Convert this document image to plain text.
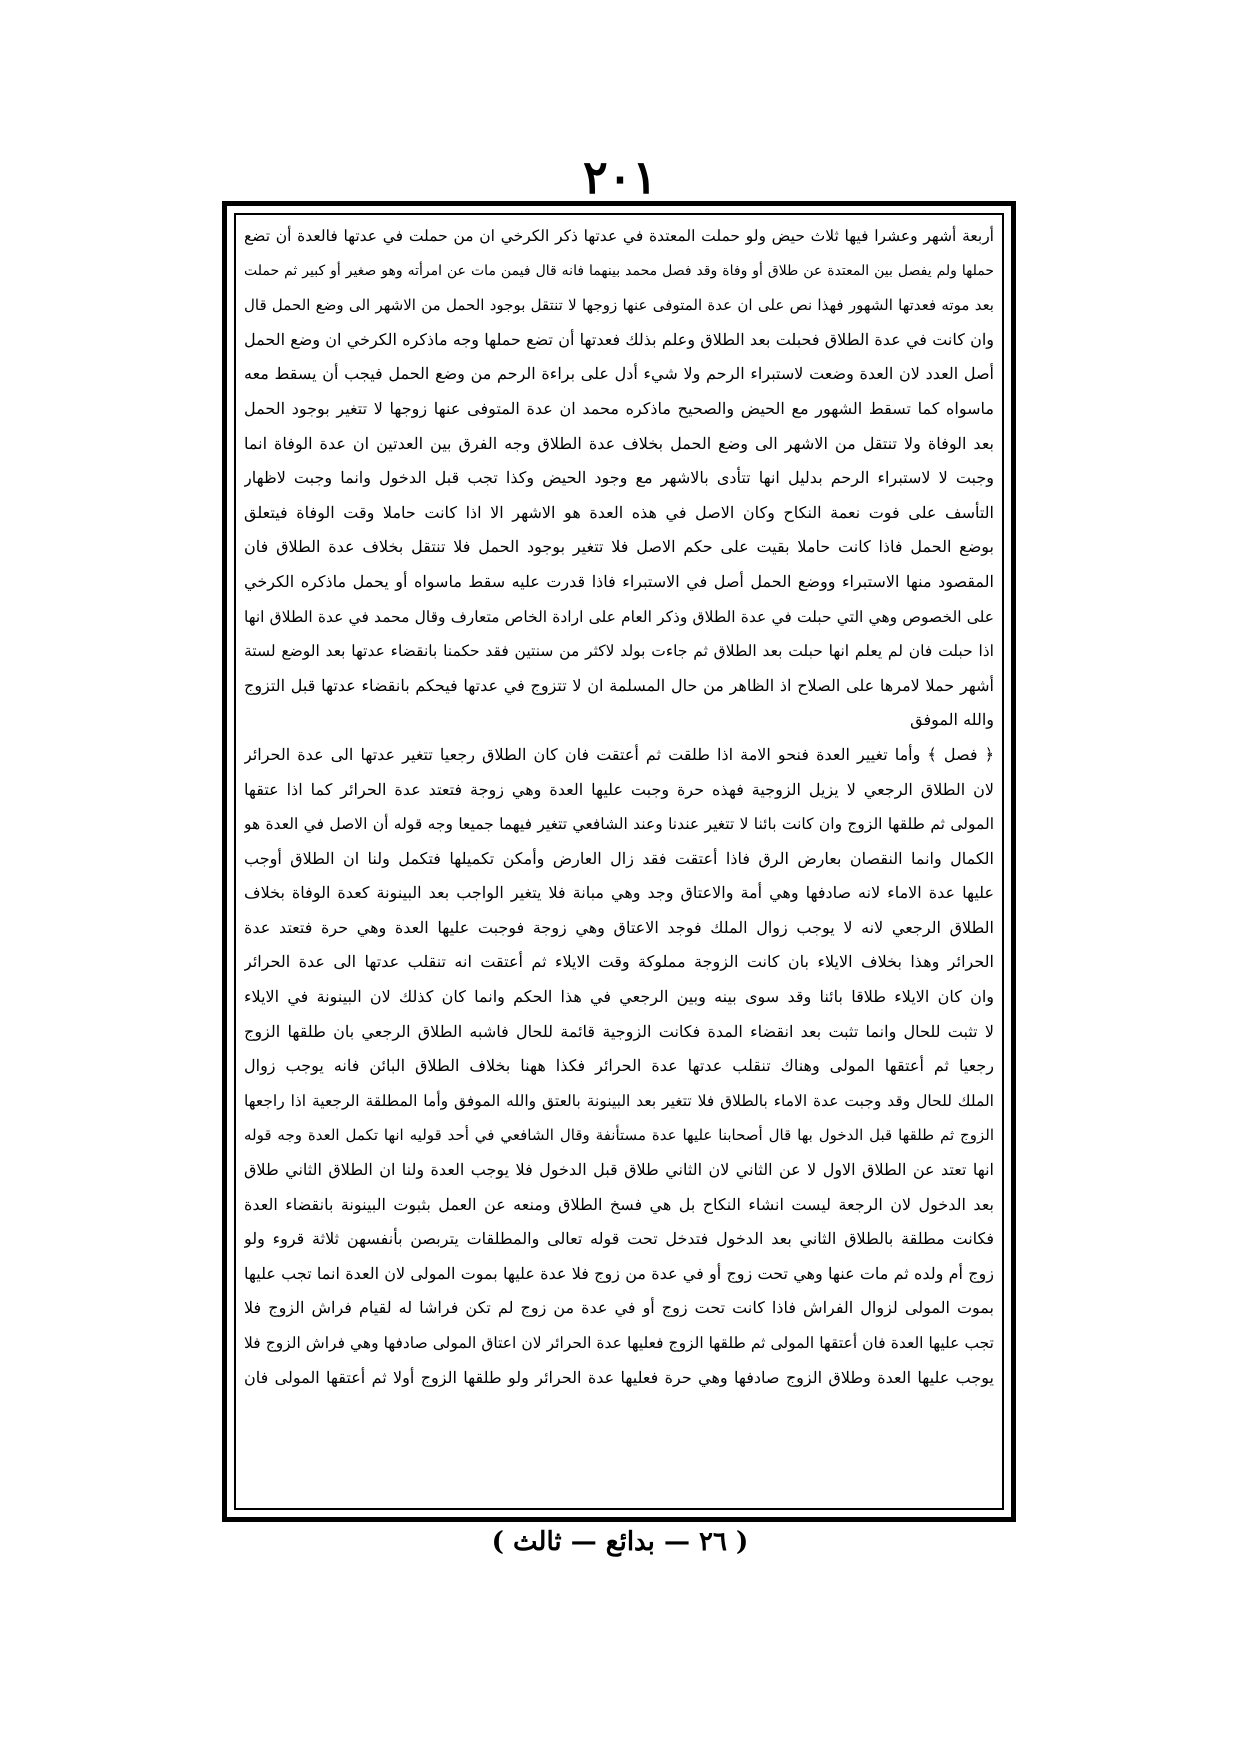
٢٠١
أربعة أشهر وعشرا فيها ثلاث حيض ولو حملت المعتدة في عدتها ذكر الكرخي ان من حملت في عدتها فالعدة أن تضع
حملها ولم يفصل بين المعتدة عن طلاق أو وفاة وقد فصل محمد بينهما فانه قال فيمن مات عن امرأته وهو صغير أو كبير ثم حملت
بعد موته فعدتها الشهور فهذا نص على ان عدة المتوفى عنها زوجها لا تنتقل بوجود الحمل من الاشهر الى وضع الحمل قال
وان كانت في عدة الطلاق فحبلت بعد الطلاق وعلم بذلك فعدتها أن تضع حملها وجه ماذكره الكرخي ان وضع الحمل
أصل العدد لان العدة وضعت لاستبراء الرحم ولا شيء أدل على براءة الرحم من وضع الحمل فيجب أن يسقط معه
ماسواه كما تسقط الشهور مع الحيض والصحيح ماذكره محمد ان عدة المتوفى عنها زوجها لا تتغير بوجود الحمل
بعد الوفاة ولا تنتقل من الاشهر الى وضع الحمل بخلاف عدة الطلاق وجه الفرق بين العدتين ان عدة الوفاة انما
وجبت لا لاستبراء الرحم بدليل انها تتأدى بالاشهر مع وجود الحيض وكذا تجب قبل الدخول وانما وجبت لاظهار
التأسف على فوت نعمة النكاح وكان الاصل في هذه العدة هو الاشهر الا اذا كانت حاملا وقت الوفاة فيتعلق
بوضع الحمل فاذا كانت حاملا بقيت على حكم الاصل فلا تتغير بوجود الحمل فلا تنتقل بخلاف عدة الطلاق فان
المقصود منها الاستبراء ووضع الحمل أصل في الاستبراء فاذا قدرت عليه سقط ماسواه أو يحمل ماذكره الكرخي
على الخصوص وهي التي حبلت في عدة الطلاق وذكر العام على ارادة الخاص متعارف وقال محمد في عدة الطلاق انها
اذا حبلت فان لم يعلم انها حبلت بعد الطلاق ثم جاءت بولد لاكثر من سنتين فقد حكمنا بانقضاء عدتها بعد الوضع لستة
أشهر حملا لامرها على الصلاح اذ الظاهر من حال المسلمة ان لا تتزوج في عدتها فيحكم بانقضاء عدتها قبل التزوج
والله الموفق
﴿ فصل ﴾ وأما تغيير العدة فنحو الامة اذا طلقت ثم أعتقت فان كان الطلاق رجعيا تتغير عدتها الى عدة الحرائر
لان الطلاق الرجعي لا يزيل الزوجية فهذه حرة وجبت عليها العدة وهي زوجة فتعتد عدة الحرائر كما اذا عتقها
المولى ثم طلقها الزوج وان كانت بائنا لا تتغير عندنا وعند الشافعي تتغير فيهما جميعا وجه قوله أن الاصل في العدة هو
الكمال وانما النقصان بعارض الرق فاذا أعتقت فقد زال العارض وأمكن تكميلها فتكمل ولنا ان الطلاق أوجب
عليها عدة الاماء لانه صادفها وهي أمة والاعتاق وجد وهي مبانة فلا يتغير الواجب بعد البينونة كعدة الوفاة بخلاف
الطلاق الرجعي لانه لا يوجب زوال الملك فوجد الاعتاق وهي زوجة فوجبت عليها العدة وهي حرة فتعتد عدة
الحرائر وهذا بخلاف الايلاء بان كانت الزوجة مملوكة وقت الايلاء ثم أعتقت انه تنقلب عدتها الى عدة الحرائر
وان كان الايلاء طلاقا بائنا وقد سوى بينه وبين الرجعي في هذا الحكم وانما كان كذلك لان البينونة في الايلاء
لا تثبت للحال وانما تثبت بعد انقضاء المدة فكانت الزوجية قائمة للحال فاشبه الطلاق الرجعي بان طلقها الزوج
رجعيا ثم أعتقها المولى وهناك تنقلب عدتها عدة الحرائر فكذا ههنا بخلاف الطلاق البائن فانه يوجب زوال
الملك للحال وقد وجبت عدة الاماء بالطلاق فلا تتغير بعد البينونة بالعتق والله الموفق وأما المطلقة الرجعية اذا راجعها
الزوج ثم طلقها قبل الدخول بها قال أصحابنا عليها عدة مستأنفة وقال الشافعي في أحد قوليه انها تكمل العدة وجه قوله
انها تعتد عن الطلاق الاول لا عن الثاني لان الثاني طلاق قبل الدخول فلا يوجب العدة ولنا ان الطلاق الثاني طلاق
بعد الدخول لان الرجعة ليست انشاء النكاح بل هي فسخ الطلاق ومنعه عن العمل بثبوت البينونة بانقضاء العدة
فكانت مطلقة بالطلاق الثاني بعد الدخول فتدخل تحت قوله تعالى والمطلقات يتربصن بأنفسهن ثلاثة قروء ولو
زوج أم ولده ثم مات عنها وهي تحت زوج أو في عدة من زوج فلا عدة عليها بموت المولى لان العدة انما تجب عليها
بموت المولى لزوال الفراش فاذا كانت تحت زوج أو في عدة من زوج لم تكن فراشا له لقيام فراش الزوج فلا
تجب عليها العدة فان أعتقها المولى ثم طلقها الزوج فعليها عدة الحرائر لان اعتاق المولى صادفها وهي فراش الزوج فلا
يوجب عليها العدة وطلاق الزوج صادفها وهي حرة فعليها عدة الحرائر ولو طلقها الزوج أولا ثم أعتقها المولى فان
( ٢٦ — بدائع — ثالث )
